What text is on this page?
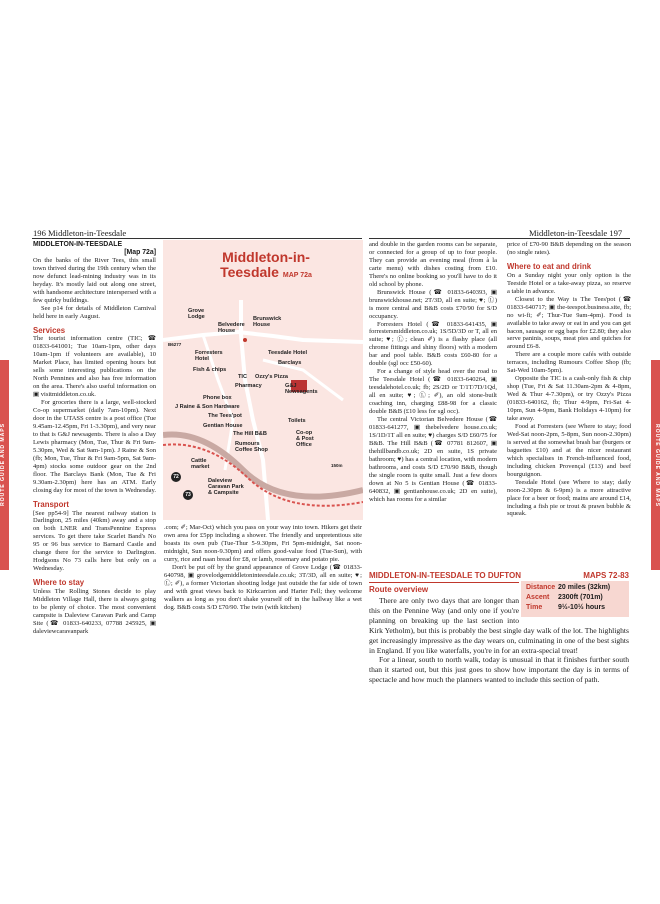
196 Middleton-in-Teesdale	Middleton-in-Teesdale 197
ROUTE GUIDE AND MAPS	ROUTE GUIDE AND MAPS
MIDDLETON-IN-TEESDALE
[Map 72a]

On the banks of the River Tees, this small town thrived during the 19th century when the now defunct lead-mining industry was in its heyday. It's mostly laid out along one street, with handsome architecture interspersed with a few quirky buildings.

See p14 for details of Middleton Carnival held here in early August.

Services

The tourist information centre (TIC; ☎ 01833-641001; Tue 10am-1pm, other days 10am-1pm if volunteers are available), 10 Market Place, has limited opening hours but sells some interesting publications on the North Pennines and also has free information on the area. There's also useful information on ▣ visitmiddleton.co.uk.

For groceries there is a large, well-stocked Co-op supermarket (daily 7am-10pm). Next door in the UTASS centre is a post office (Tue 9.45am-12.45pm, Fri 1-3.30pm), and very near to that is G&J newsagents. There is also a Day Lewis pharmacy (Mon, Tue, Thur & Fri 9am-5.30pm, Wed & Sat 9am-1pm). J Raine & Son (fb; Mon, Tue, Thur & Fri 9am-5pm, Sat 9am-4pm) stocks some outdoor gear on the 2nd floor. The Barclays Bank (Mon, Tue & Fri 9.30am-2.30pm) here has an ATM. Early closing day for most of the town is Wednesday.

Transport

[See pp54-9] The nearest railway station is Darlington, 25 miles (40km) away and a stop on both LNER and TransPennine Express services. To get there take Scarlet Band's No 95 or 96 bus service to Barnard Castle and change there for the service to Darlington. Hodgsons No 73 calls here but only on a Wednesday.

Where to stay

Unless The Rolling Stones decide to play Middleton Village Hall, there is always going to be plenty of choice. The most convenient campsite is Daleview Caravan Park and Camp Site (☎ 01833-640233, 07788 245925, ▣ daleviewcaravanpark

Middleton-in-
Teesdale MAP 72a
Grove
Lodge
Belvedere
House
Brunswick
House
B6277
Forresters
Hotel
Teesdale Hotel
Barclays
Fish & chips
TIC Ozzy's Pizza
Pharmacy	G&J
Newsagents
Phone box
J Raine & Son Hardware
The Tees'pot
Gentian House
Toilets
The Hill B&B	Co-op
& Post
Office
Rumours
Coffee Shop
Cattle
market
Daleview
Caravan Park
& Campsite
150m
72
73

.com; ✐; Mar-Oct) which you pass on your way into town. Hikers get their own area for £5pp including a shower. The friendly and unpretentious site boasts its own pub (Tue-Thur 5-9.30pm, Fri 5pm-midnight, Sat noon-midnight, Sun noon-9.30pm) and offers good-value food (Tue-Sun), with curry, rice and naan bread for £8, or lamb, rosemary and potato pie.

Don't be put off by the grand appearance of Grove Lodge (☎ 01833-640798, ▣ grovelodgemiddletoninteesdale.co.uk; 3T/3D, all en suite; ♥; Ⓛ; ✐), a former Victorian shooting lodge just outside the far side of town and with great views back to Kirkcarrion and Harter Fell; they welcome walkers as long as you don't shake yourself off in the hallway like a wet dog. B&B costs S/D £70/90. The twin (with kitchen)

and double in the garden rooms can be separate, or connected for a group of up to four people. They can provide an evening meal (from à la carte menu) with dishes costing from £10. There's no online booking so you'll have to do it old school by phone.

Brunswick House (☎ 01833-640393, ▣ brunswickhouse.net; 2T/3D, all en suite; ♥; Ⓛ) is more central and B&B costs £70/90 for S/D occupancy.

Forresters Hotel (☎ 01833-641435, ▣ forrestersmiddleton.co.uk; 1S/5D/3D or T, all en suite; ♥; Ⓛ; clean ✐) is a flashy place (all chrome fittings and shiny floors) with a modern bar and pool table. B&B costs £60-80 for a double (sgl occ £50-60).

For a change of style head over the road to The Teesdale Hotel (☎ 01833-640264, ▣ teesdalehotel.co.uk; fb; 2S/2D or T/1T/7D/1Qd, all en suite; ♥; Ⓛ; ✐), an old stone-built coaching inn, charging £88-98 for a classic double B&B (£10 less for sgl occ).

The central Victorian Belvedere House (☎ 01833-641277, ▣ thebelvedere house.co.uk; 1S/1D/1T all en suite; ♥) charges S/D £60/75 for B&B. The Hill B&B (☎ 07781 812607, ▣ thehillbandb.co.uk; 2D en suite, 1S private bathroom; ♥) has a central location, with modern bathrooms, and costs S/D £70/90 B&B, though the single room is quite small. Just a few doors down at No 5 is Gentian House (☎ 01833-640832, ▣ gentianhouse.co.uk; 2D en suite), which has rooms for a similar

price of £70-90 B&B depending on the season (no single rates).

Where to eat and drink

On a Sunday night your only option is the Teeside Hotel or a take-away pizza, so reserve a table in advance.

Closest to the Way is The Tees'pot (☎ 01833-640717; ▣ the-teespot.business.site, fb; no wi-fi; ✐; Thur-Tue 9am-4pm). Food is available to take away or eat in and you can get bacon, sausage or egg baps for £2.80; they also serve paninis, soups, meat pies and quiches for around £6-8.

There are a couple more cafés with outside terraces, including Rumours Coffee Shop (fb; Sat-Wed 10am-5pm).

Opposite the TIC is a cash-only fish & chip shop (Tue, Fri & Sat 11.30am-2pm & 4-8pm, Wed & Thur 4-7.30pm), or try Ozzy's Pizza (01833-640162, fb; Thur 4-9pm, Fri-Sat 4-10pm, Sun 4-9pm, Bank Holidays 4-10pm) for take away.

Food at Forresters (see Where to stay; food Wed-Sat noon-2pm, 5-8pm, Sun noon-2.30pm) is served at the somewhat brash bar (burgers or baguettes £10) and at the nicer restaurant which specialises in French-influenced food, including chicken Provençal (£13) and beef bourguignon.

Teesdale Hotel (see Where to stay; daily noon-2.30pm & 6-9pm) is a more attractive place for a beer or food; mains are around £14, including a fish pie or trout & prawn bubble & squeak.

MIDDLETON-IN-TEESDALE TO DUFTON	MAPS 72-83
Route overview	Distance 20 miles (32km)
Ascent 2300ft (701m)
Time 9½-10½ hours

There are only two days that are longer than this on the Pennine Way (and only one if you're planning on breaking up the last section into Kirk Yetholm), but this is probably the best single day walk of the lot. The highlights get increasingly impressive as the day wears on, culminating in one of the best sights in England. If you like waterfalls, you're in for an extra-special treat!

For a linear, south to north walk, today is unusual in that it finishes further south than it started out, but this just goes to show how important the day is in terms of spectacle and how much the planners wanted to include this section of path.
